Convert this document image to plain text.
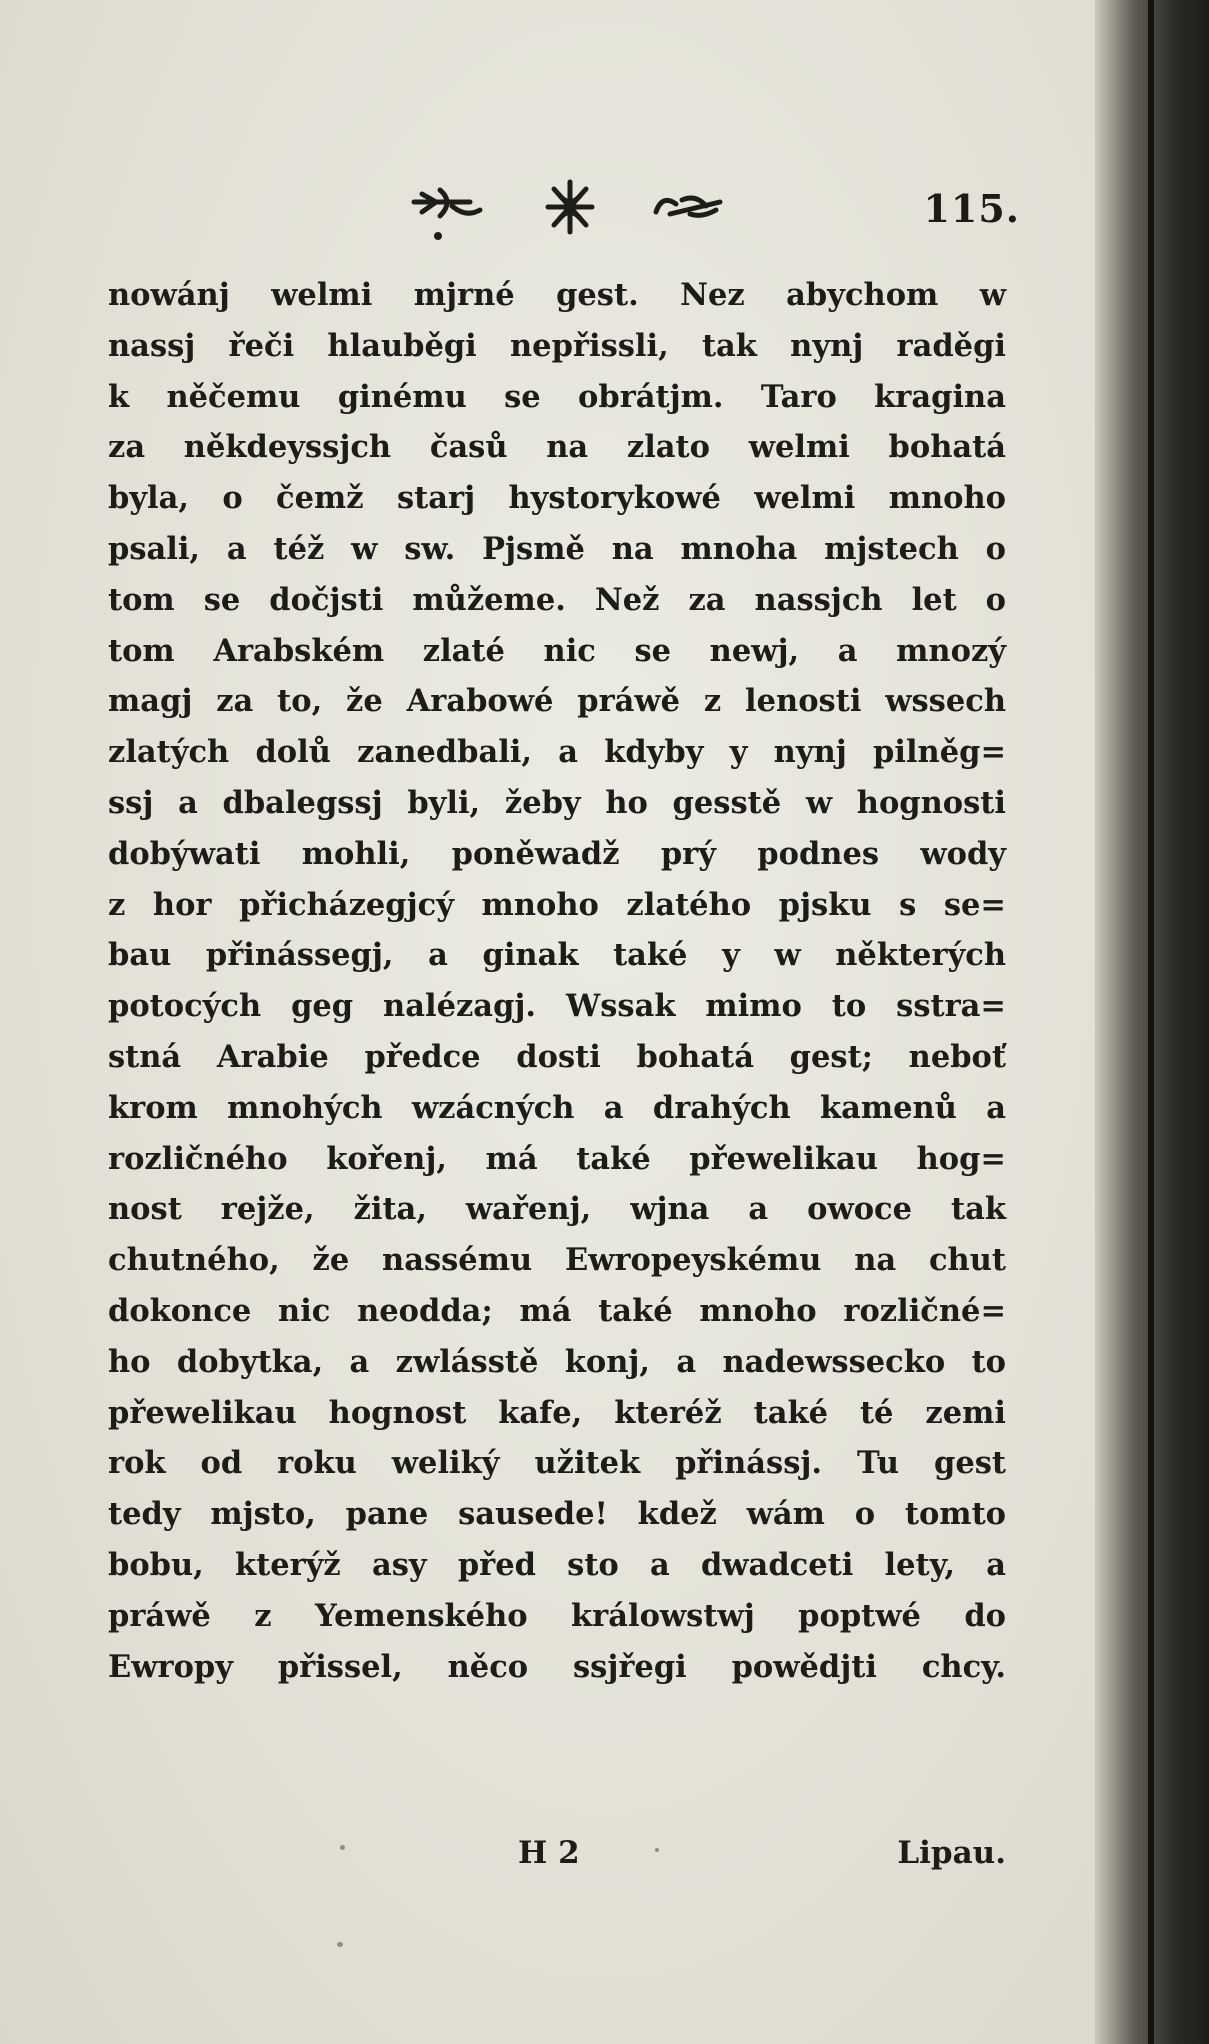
115.
nowánj welmi mjrné gest. Nez abychom w
nassj řeči hlauběgi nepřissli, tak nynj raděgi
k něčemu ginému se obrátjm. Taro kragina
za někdeyssjch časů na zlato welmi bohatá
byla, o čemž starj hystorykowé welmi mnoho
psali, a též w sw. Pjsmě na mnoha mjstech o
tom se dočjsti můžeme. Než za nassjch let o
tom Arabském zlaté nic se newj, a mnozý
magj za to, že Arabowé práwě z lenosti wssech
zlatých dolů zanedbali, a kdyby y nynj pilněg=
ssj a dbalegssj byli, žeby ho gesstě w hognosti
dobýwati mohli, poněwadž prý podnes wody
z hor přicházegjcý mnoho zlatého pjsku s se=
bau přinássegj, a ginak také y w některých
potocých geg nalézagj. Wssak mimo to sstra=
stná Arabie předce dosti bohatá gest; neboť
krom mnohých wzácných a drahých kamenů a
rozličného kořenj, má také přewelikau hog=
nost rejže, žita, wařenj, wjna a owoce tak
chutného, že nassému Ewropeyskému na chut
dokonce nic neodda; má také mnoho rozličné=
ho dobytka, a zwlásstě konj, a nadewssecko to
přewelikau hognost kafe, kteréž také té zemi
rok od roku weliký užitek přinássj. Tu gest
tedy mjsto, pane sausede! kdež wám o tomto
bobu, kterýž asy před sto a dwadceti lety, a
práwě z Yemenského králowstwj poptwé do
Ewropy přissel, něco ssjřegi powědjti chcy.
H 2	Lipau.
